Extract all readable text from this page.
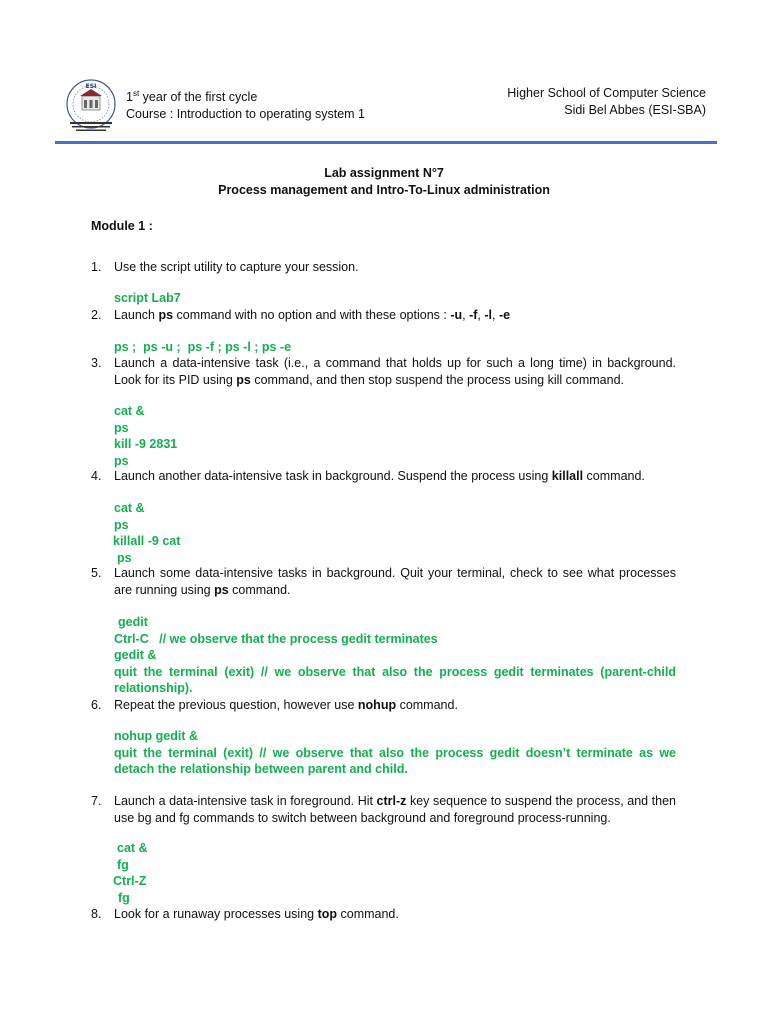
ESI
1st year of the first cycle
Course : Introduction to operating system 1
Higher School of Computer Science
Sidi Bel Abbes (ESI-SBA)
Lab assignment N°7
Process management and Intro-To-Linux administration
Module 1 :
1.	Use the script utility to capture your session.
script Lab7
2.	Launch ps command with no option and with these options : -u, -f, -l, -e
ps ;  ps -u ;  ps -f ; ps -l ; ps -e
3.	Launch a data-intensive task (i.e., a command that holds up for such a long time) in background. Look for its PID using ps command, and then stop suspend the process using kill command.
cat &
ps
kill -9 2831
ps
4.	Launch another data-intensive task in background. Suspend the process using killall command.
cat &
ps
killall -9 cat
ps
5.	Launch some data-intensive tasks in background. Quit your terminal, check to see what processes are running using ps command.
gedit
Ctrl-C   // we observe that the process gedit terminates
gedit &
quit the terminal (exit) // we observe that also the process gedit terminates (parent-child relationship).
6.	Repeat the previous question, however use nohup command.
nohup gedit &
quit the terminal (exit) // we observe that also the process gedit doesn’t terminate as we detach the relationship between parent and child.
7.	Launch a data-intensive task in foreground. Hit ctrl-z key sequence to suspend the process, and then use bg and fg commands to switch between background and foreground process-running.
cat &
fg
Ctrl-Z
fg
8.	Look for a runaway processes using top command.
